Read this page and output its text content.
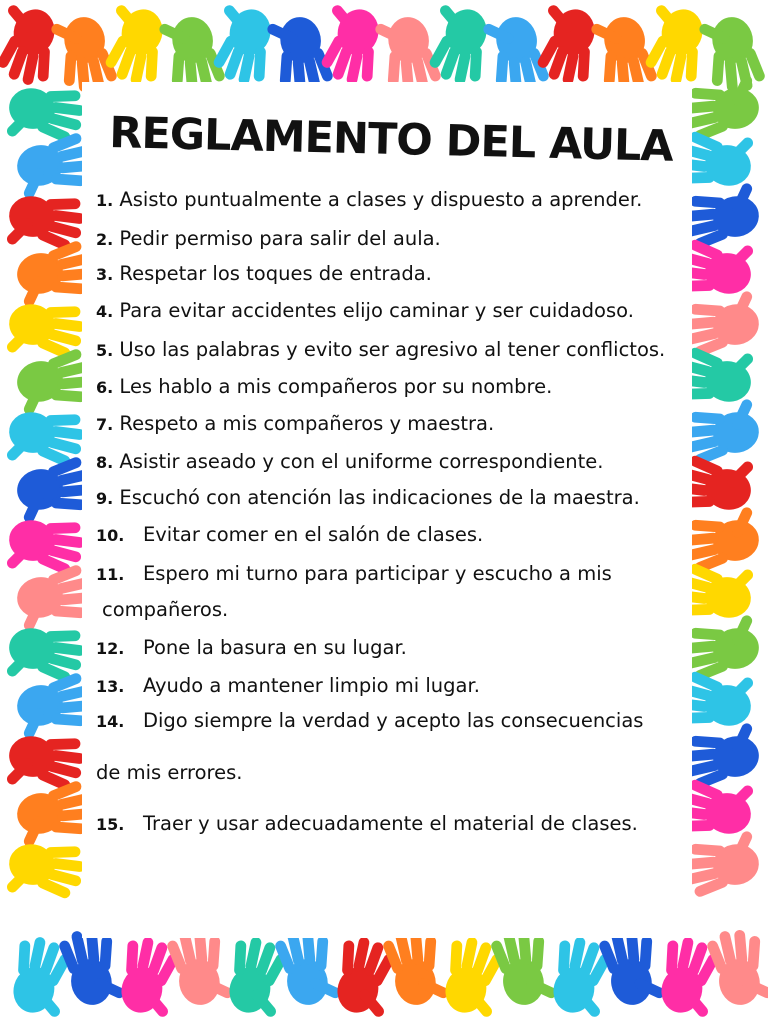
REGLAMENTO DEL AULA
1. Asisto puntualmente a clases y dispuesto a aprender.
2. Pedir permiso para salir del aula.
3. Respetar los toques de entrada.
4. Para evitar accidentes elijo caminar y ser cuidadoso.
5. Uso las palabras y evito ser agresivo al tener conflictos.
6. Les hablo a mis compañeros por su nombre.
7. Respeto a mis compañeros y maestra.
8. Asistir aseado y con el uniforme correspondiente.
9. Escuchó con atención las indicaciones de la maestra.
10.   Evitar comer en el salón de clases.
11.   Espero mi turno para participar y escucho a mis
compañeros.
12.   Pone la basura en su lugar.
13.   Ayudo a mantener limpio mi lugar.
14.   Digo siempre la verdad y acepto las consecuencias
de mis errores.
15.   Traer y usar adecuadamente el material de clases.
